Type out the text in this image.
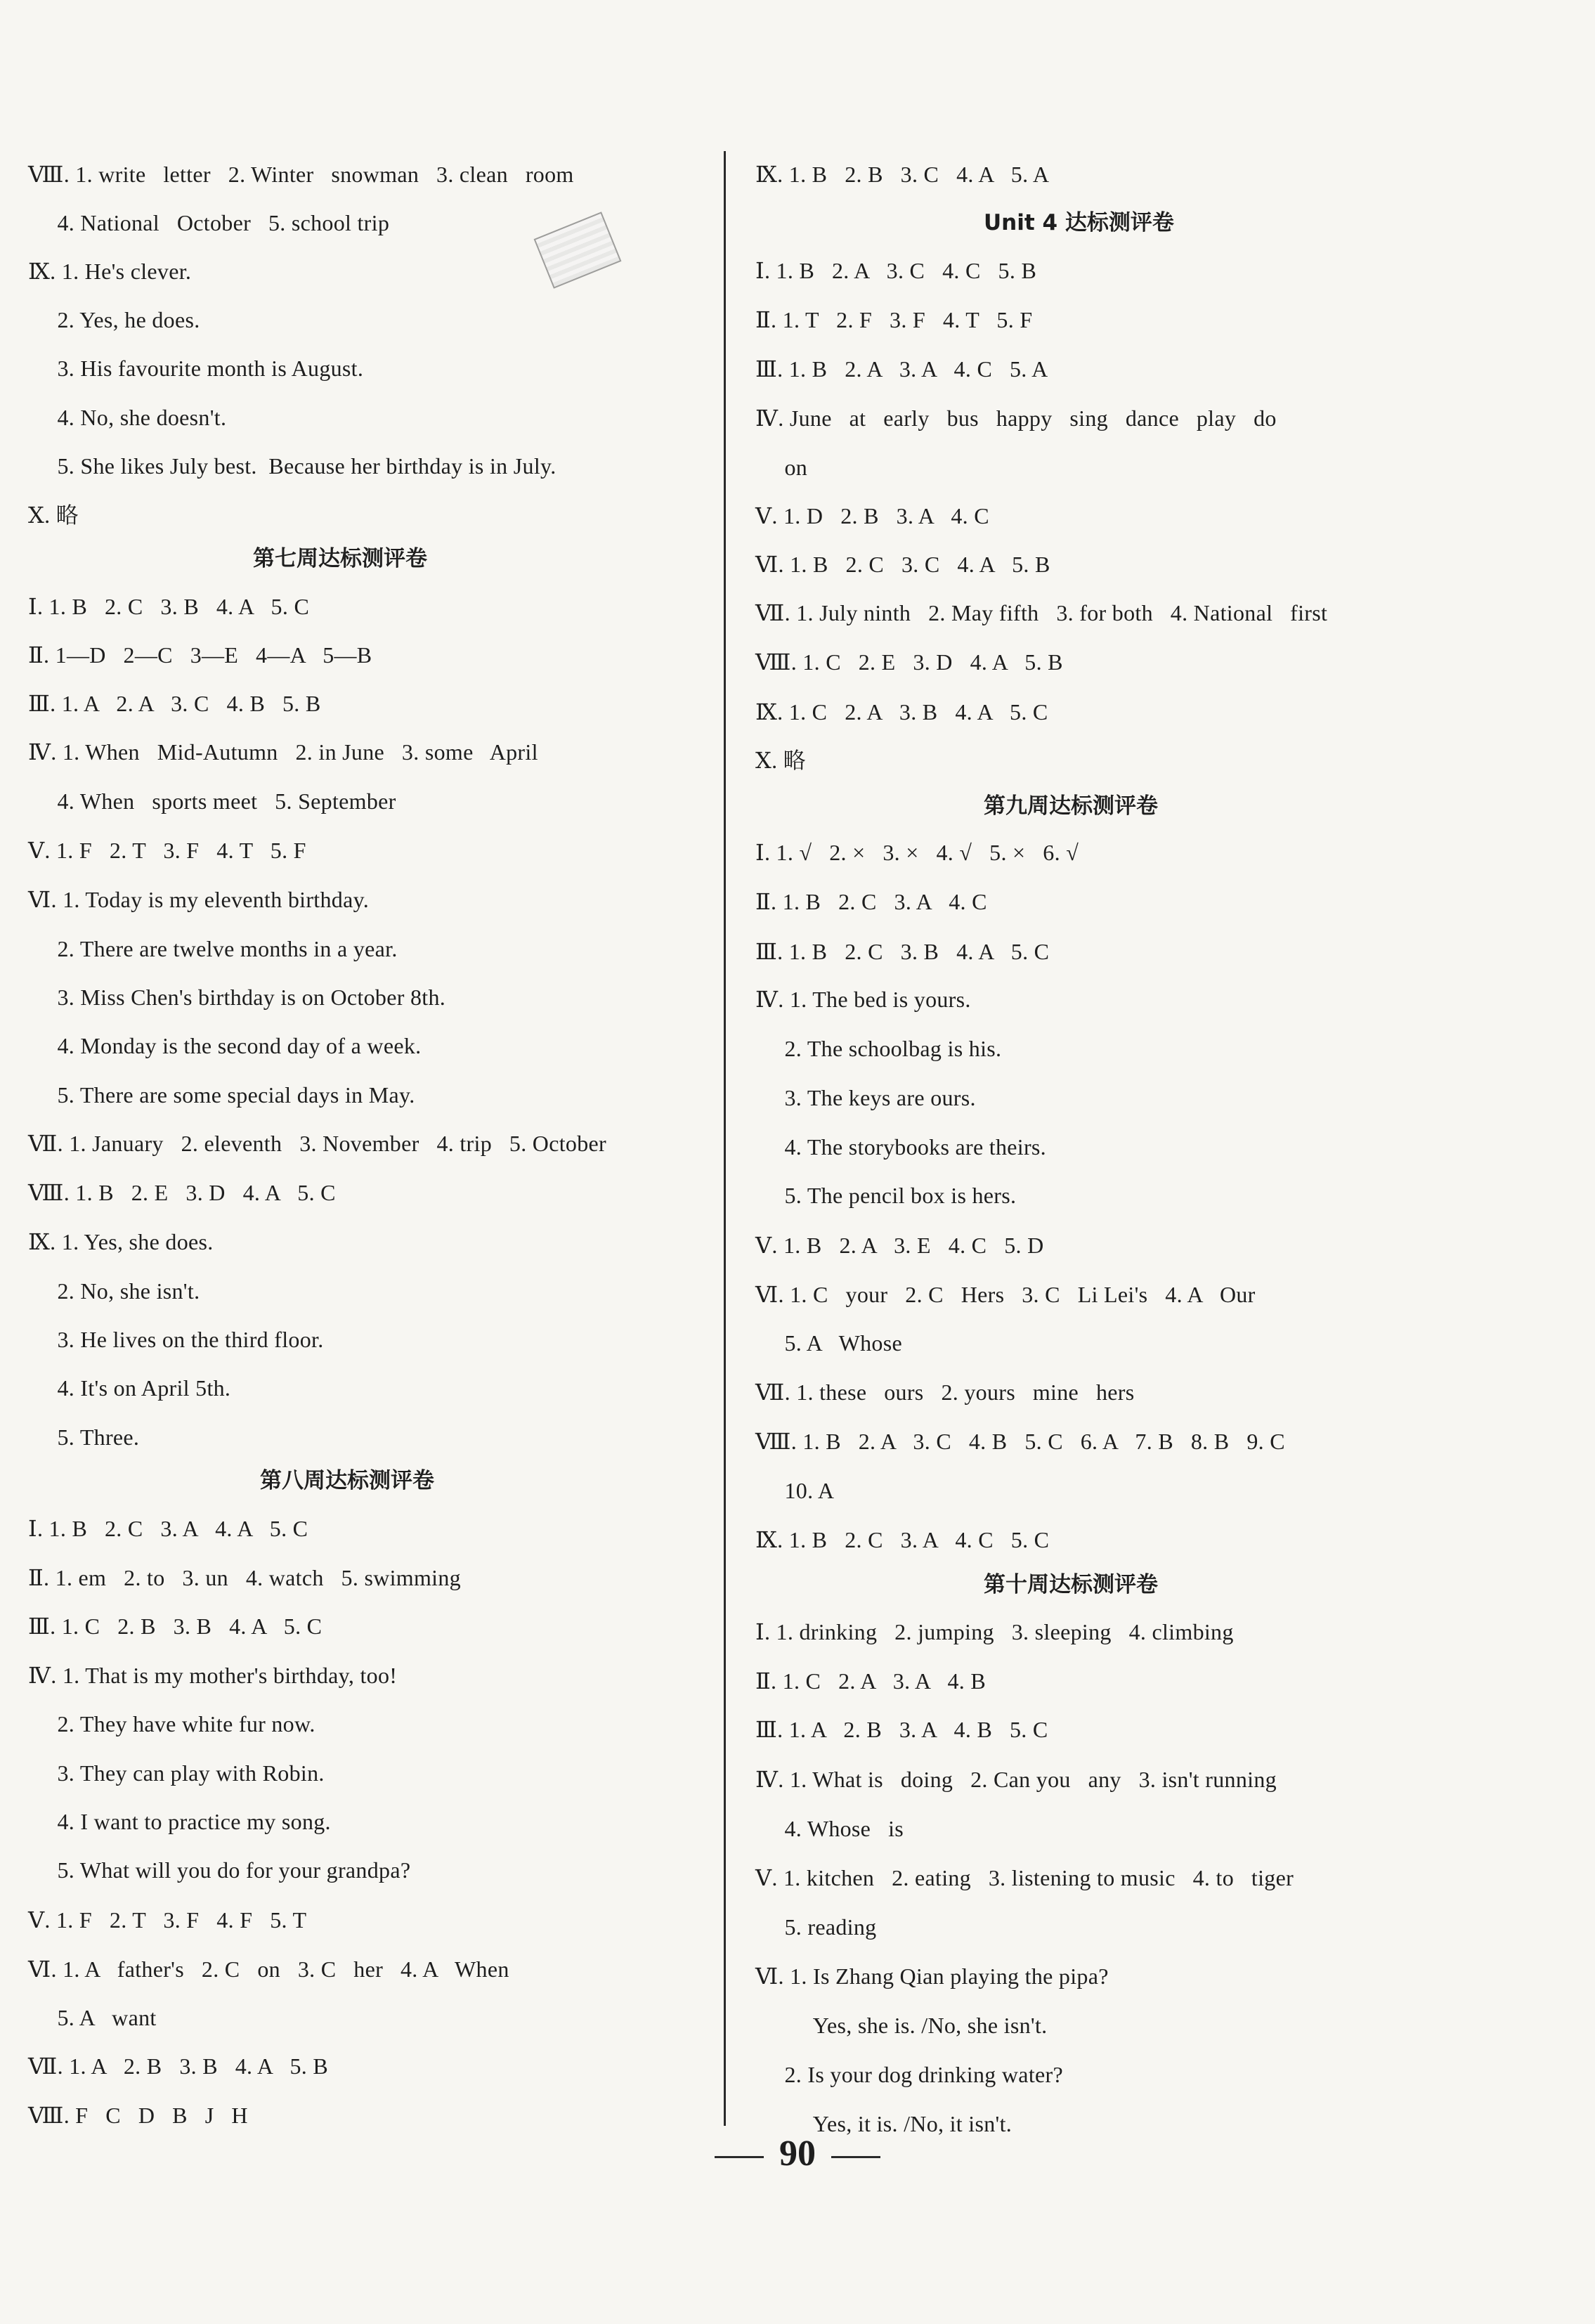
Ⅷ. 1. write   letter   2. Winter   snowman   3. clean   room
4. National   October   5. school trip
Ⅸ. 1. He's clever.
2. Yes, he does.
3. His favourite month is August.
4. No, she doesn't.
5. She likes July best.  Because her birthday is in July.
Ⅹ. 略
Ⅰ. 1. B   2. C   3. B   4. A   5. C
Ⅱ. 1—D   2—C   3—E   4—A   5—B
Ⅲ. 1. A   2. A   3. C   4. B   5. B
Ⅳ. 1. When   Mid-Autumn   2. in June   3. some   April
4. When   sports meet   5. September
Ⅴ. 1. F   2. T   3. F   4. T   5. F
Ⅵ. 1. Today is my eleventh birthday.
2. There are twelve months in a year.
3. Miss Chen's birthday is on October 8th.
4. Monday is the second day of a week.
5. There are some special days in May.
Ⅶ. 1. January   2. eleventh   3. November   4. trip   5. October
Ⅷ. 1. B   2. E   3. D   4. A   5. C
Ⅸ. 1. Yes, she does.
2. No, she isn't.
3. He lives on the third floor.
4. It's on April 5th.
5. Three.
Ⅰ. 1. B   2. C   3. A   4. A   5. C
Ⅱ. 1. em   2. to   3. un   4. watch   5. swimming
Ⅲ. 1. C   2. B   3. B   4. A   5. C
Ⅳ. 1. That is my mother's birthday, too!
2. They have white fur now.
3. They can play with Robin.
4. I want to practice my song.
5. What will you do for your grandpa?
Ⅴ. 1. F   2. T   3. F   4. F   5. T
Ⅵ. 1. A   father's   2. C   on   3. C   her   4. A   When
5. A   want
Ⅶ. 1. A   2. B   3. B   4. A   5. B
Ⅷ. F   C   D   B   J   H
第七周达标测评卷
第八周达标测评卷
Ⅸ. 1. B   2. B   3. C   4. A   5. A
Ⅰ. 1. B   2. A   3. C   4. C   5. B
Ⅱ. 1. T   2. F   3. F   4. T   5. F
Ⅲ. 1. B   2. A   3. A   4. C   5. A
Ⅳ. June   at   early   bus   happy   sing   dance   play   do
on
Ⅴ. 1. D   2. B   3. A   4. C
Ⅵ. 1. B   2. C   3. C   4. A   5. B
Ⅶ. 1. July ninth   2. May fifth   3. for both   4. National   first
Ⅷ. 1. C   2. E   3. D   4. A   5. B
Ⅸ. 1. C   2. A   3. B   4. A   5. C
Ⅹ. 略
Ⅰ. 1. √   2. ×   3. ×   4. √   5. ×   6. √
Ⅱ. 1. B   2. C   3. A   4. C
Ⅲ. 1. B   2. C   3. B   4. A   5. C
Ⅳ. 1. The bed is yours.
2. The schoolbag is his.
3. The keys are ours.
4. The storybooks are theirs.
5. The pencil box is hers.
Ⅴ. 1. B   2. A   3. E   4. C   5. D
Ⅵ. 1. C   your   2. C   Hers   3. C   Li Lei's   4. A   Our
5. A   Whose
Ⅶ. 1. these   ours   2. yours   mine   hers
Ⅷ. 1. B   2. A   3. C   4. B   5. C   6. A   7. B   8. B   9. C
10. A
Ⅸ. 1. B   2. C   3. A   4. C   5. C
Ⅰ. 1. drinking   2. jumping   3. sleeping   4. climbing
Ⅱ. 1. C   2. A   3. A   4. B
Ⅲ. 1. A   2. B   3. A   4. B   5. C
Ⅳ. 1. What is   doing   2. Can you   any   3. isn't running
4. Whose   is
Ⅴ. 1. kitchen   2. eating   3. listening to music   4. to   tiger
5. reading
Ⅵ. 1. Is Zhang Qian playing the pipa?
Yes, she is. /No, she isn't.
2. Is your dog drinking water?
Yes, it is. /No, it isn't.
Unit 4 达标测评卷
第九周达标测评卷
第十周达标测评卷
90
